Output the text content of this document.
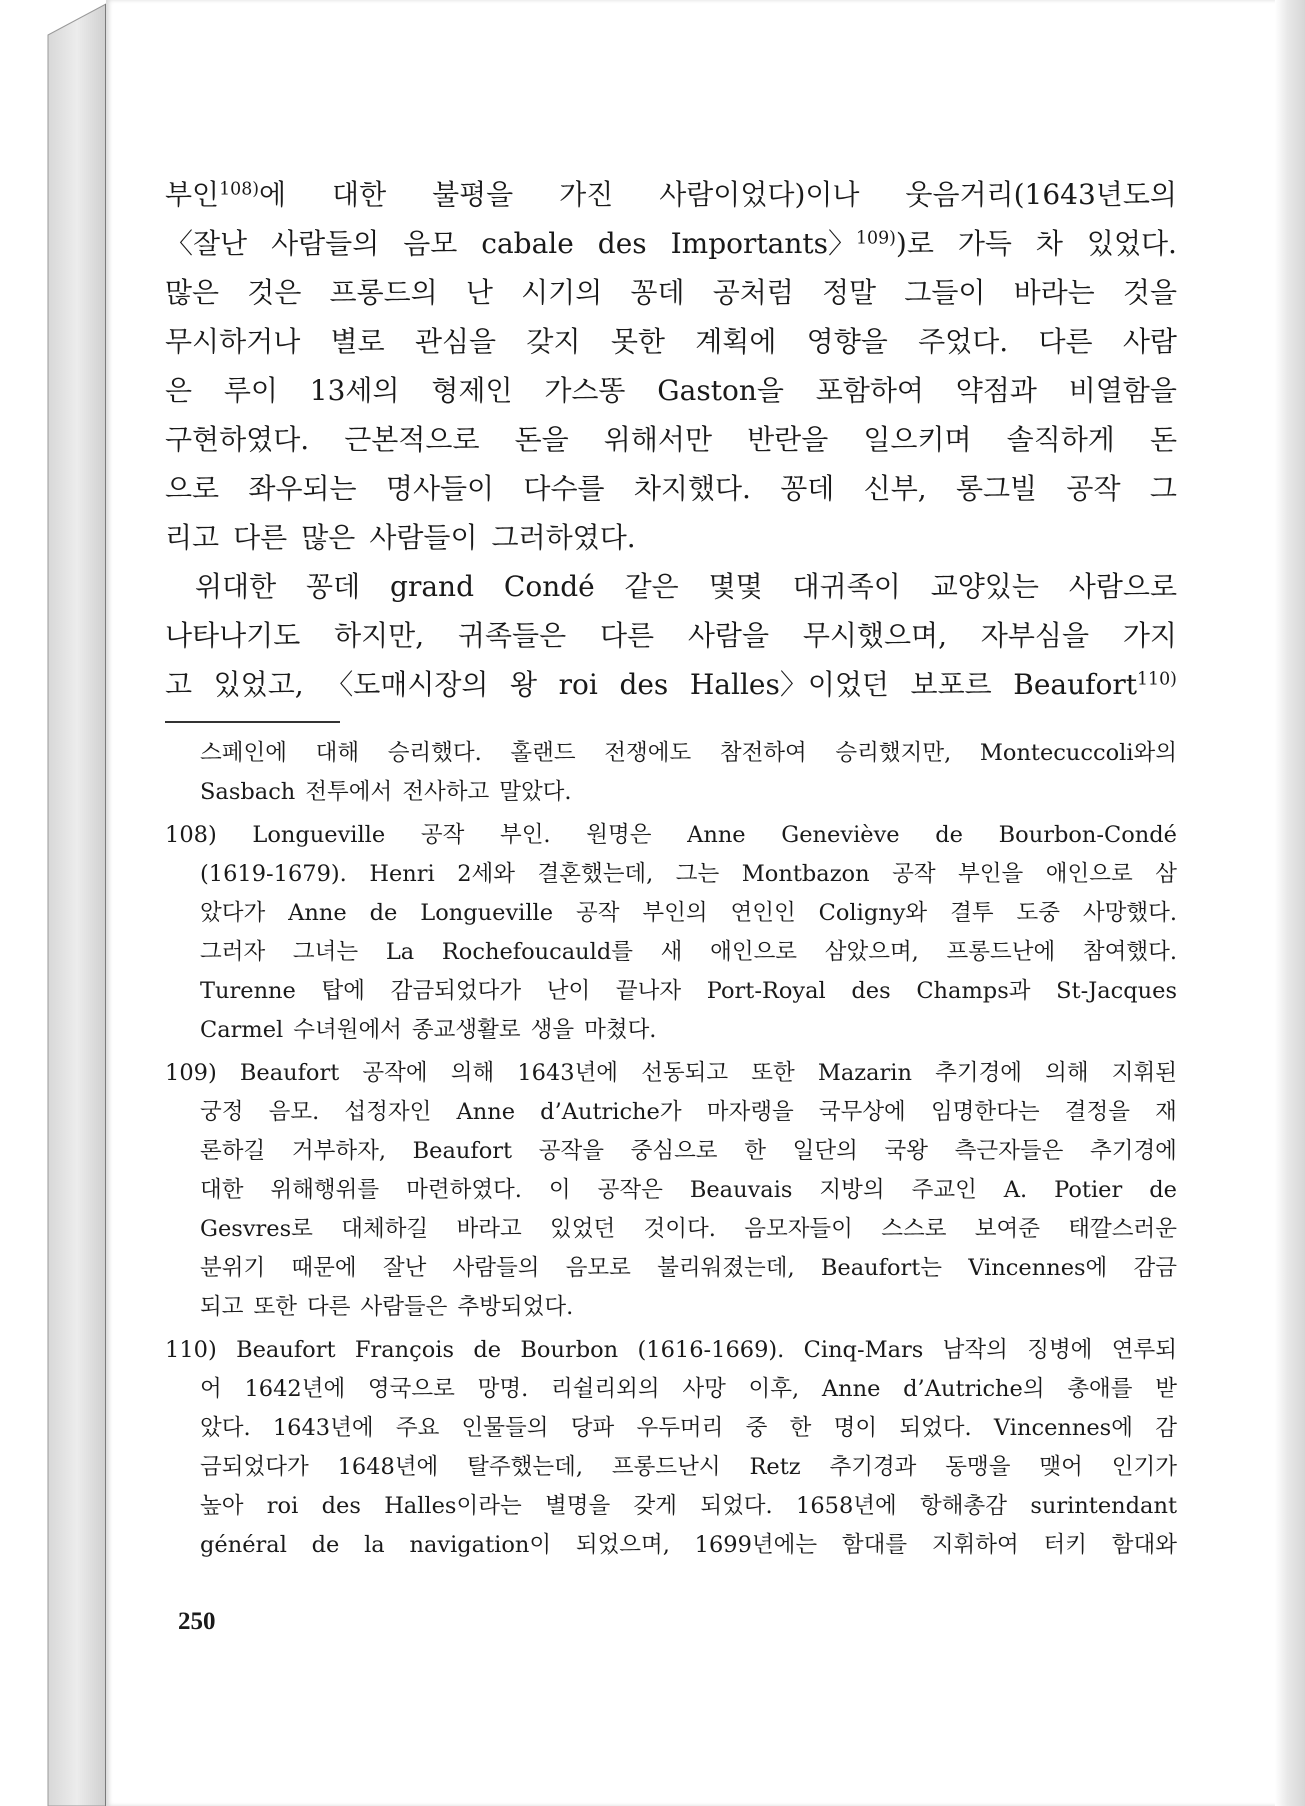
부인$^{108)}$에 대한 불평을 가진 사람이었다)이나 웃음거리(1643년도의
〈잘난 사람들의 음모 cabale des Importants〉$^{109)}$)로 가득 차 있었다.
많은 것은 프롱드의 난 시기의 꽁데 공처럼 정말 그들이 바라는 것을
무시하거나 별로 관심을 갖지 못한 계획에 영향을 주었다. 다른 사람
은 루이 13세의 형제인 가스똥 Gaston을 포함하여 약점과 비열함을
구현하였다. 근본적으로 돈을 위해서만 반란을 일으키며 솔직하게 돈
으로 좌우되는 명사들이 다수를 차지했다. 꽁데 신부, 롱그빌 공작 그
리고 다른 많은 사람들이 그러하였다.
위대한 꽁데 grand Condé 같은 몇몇 대귀족이 교양있는 사람으로
나타나기도 하지만, 귀족들은 다른 사람을 무시했으며, 자부심을 가지
고 있었고, 〈도매시장의 왕 roi des Halles〉이었던 보포르 Beaufort$^{110)}$
스페인에 대해 승리했다. 홀랜드 전쟁에도 참전하여 승리했지만, Montecuccoli와의
Sasbach 전투에서 전사하고 말았다.
108) Longueville 공작 부인. 원명은 Anne Geneviève de Bourbon-Condé
(1619-1679). Henri 2세와 결혼했는데, 그는 Montbazon 공작 부인을 애인으로 삼
았다가 Anne de Longueville 공작 부인의 연인인 Coligny와 결투 도중 사망했다.
그러자 그녀는 La Rochefoucauld를 새 애인으로 삼았으며, 프롱드난에 참여했다.
Turenne 탑에 감금되었다가 난이 끝나자 Port-Royal des Champs과 St-Jacques
Carmel 수녀원에서 종교생활로 생을 마쳤다.
109) Beaufort 공작에 의해 1643년에 선동되고 또한 Mazarin 추기경에 의해 지휘된
궁정 음모. 섭정자인 Anne d’Autriche가 마자랭을 국무상에 임명한다는 결정을 재
론하길 거부하자, Beaufort 공작을 중심으로 한 일단의 국왕 측근자들은 추기경에
대한 위해행위를 마련하였다. 이 공작은 Beauvais 지방의 주교인 A. Potier de
Gesvres로 대체하길 바라고 있었던 것이다. 음모자들이 스스로 보여준 태깔스러운
분위기 때문에 잘난 사람들의 음모로 불리워졌는데, Beaufort는 Vincennes에 감금
되고 또한 다른 사람들은 추방되었다.
110) Beaufort François de Bourbon (1616-1669). Cinq-Mars 남작의 징병에 연루되
어 1642년에 영국으로 망명. 리쉴리외의 사망 이후, Anne d’Autriche의 총애를 받
았다. 1643년에 주요 인물들의 당파 우두머리 중 한 명이 되었다. Vincennes에 감
금되었다가 1648년에 탈주했는데, 프롱드난시 Retz 추기경과 동맹을 맺어 인기가
높아 roi des Halles이라는 별명을 갖게 되었다. 1658년에 항해총감 surintendant
général de la navigation이 되었으며, 1699년에는 함대를 지휘하여 터키 함대와
250
